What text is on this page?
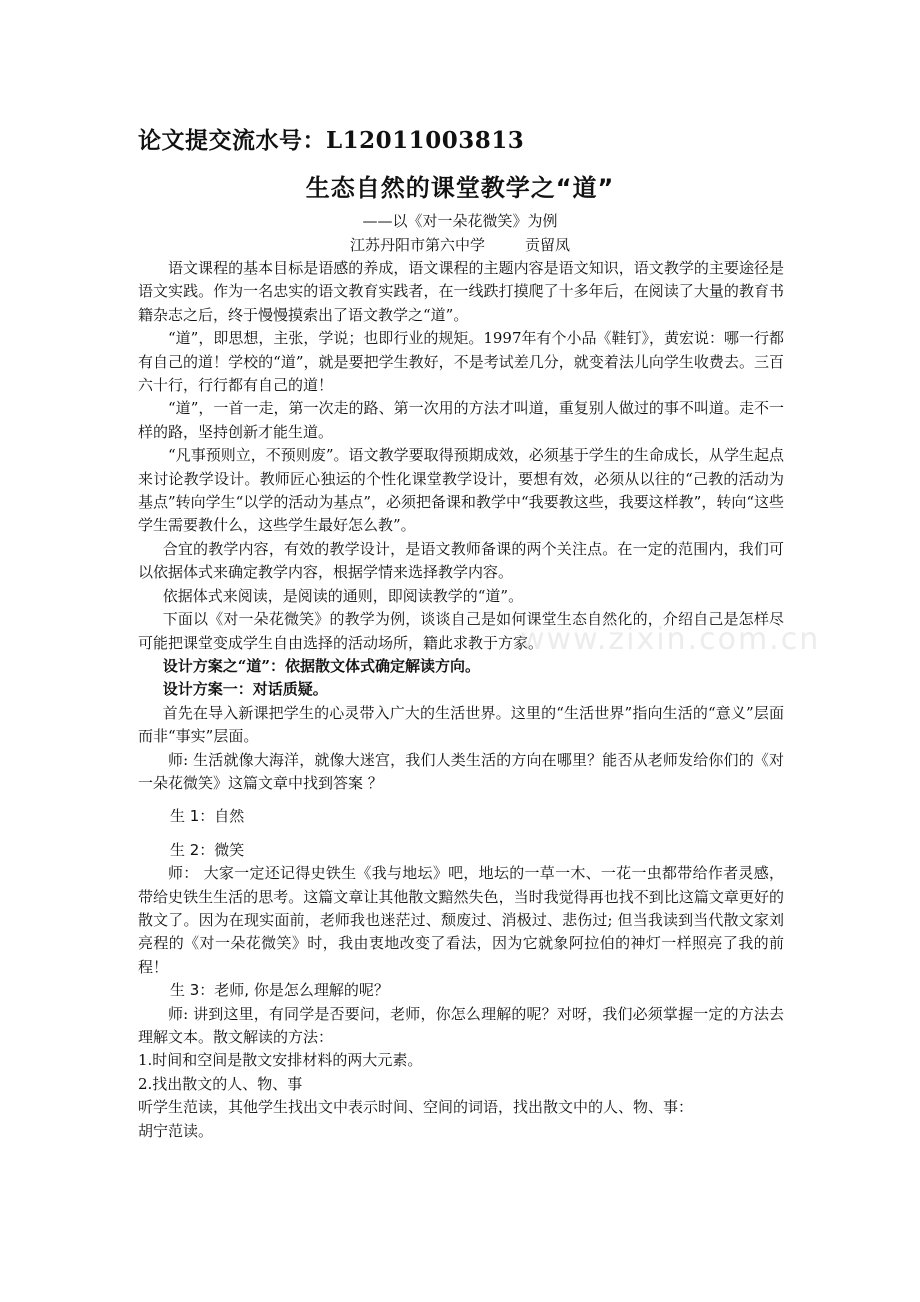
论文提交流水号：L12011003813
生态自然的课堂教学之“道”
——以《对一朵花微笑》为例
江苏丹阳市第六中学	贡留凤

语文课程的基本目标是语感的养成，语文课程的主题内容是语文知识，语文教学的主要途径是语文实践。作为一名忠实的语文教育实践者，在一线跌打摸爬了十多年后，在阅读了大量的教育书籍杂志之后，终于慢慢摸索出了语文教学之“道”。

“道”，即思想，主张，学说；也即行业的规矩。1997年有个小品《鞋钉》，黄宏说：哪一行都有自己的道！学校的“道”，就是要把学生教好，不是考试差几分，就变着法儿向学生收费去。三百六十行，行行都有自己的道！

“道”，一首一走，第一次走的路、第一次用的方法才叫道，重复别人做过的事不叫道。走不一样的路，坚持创新才能生道。

“凡事预则立，不预则废”。语文教学要取得预期成效，必须基于学生的生命成长，从学生起点来讨论教学设计。教师匠心独运的个性化课堂教学设计，要想有效，必须从以往的“己教的活动为基点”转向学生“以学的活动为基点”，必须把备课和教学中“我要教这些，我要这样教”，转向“这些学生需要教什么，这些学生最好怎么教”。

合宜的教学内容，有效的教学设计，是语文教师备课的两个关注点。在一定的范围内，我们可以依据体式来确定教学内容，根据学情来选择教学内容。

依据体式来阅读，是阅读的通则，即阅读教学的“道”。

下面以《对一朵花微笑》的教学为例，谈谈自己是如何课堂生态自然化的，介绍自己是怎样尽可能把课堂变成学生自由选择的活动场所，籍此求教于方家。

设计方案之“道”：依据散文体式确定解读方向。

设计方案一：对话质疑。

首先在导入新课把学生的心灵带入广大的生活世界。这里的“生活世界”指向生活的“意义”层面而非“事实”层面。

师: 生活就像大海洋，就像大迷宫，我们人类生活的方向在哪里？能否从老师发给你们的《对一朵花微笑》这篇文章中找到答案 ？

生 1：自然

生 2：微笑

师： 大家一定还记得史铁生《我与地坛》吧，地坛的一草一木、一花一虫都带给作者灵感，带给史铁生生活的思考。这篇文章让其他散文黯然失色，当时我觉得再也找不到比这篇文章更好的散文了。因为在现实面前，老师我也迷茫过、颓废过、消极过、悲伤过; 但当我读到当代散文家刘亮程的《对一朵花微笑》时，我由衷地改变了看法，因为它就象阿拉伯的神灯一样照亮了我的前程！

生 3：老师, 你是怎么理解的呢？

师: 讲到这里，有同学是否要问，老师，你怎么理解的呢？对呀，我们必须掌握一定的方法去理解文本。散文解读的方法：

1.时间和空间是散文安排材料的两大元素。

2.找出散文的人、物、事

听学生范读，其他学生找出文中表示时间、空间的词语，找出散文中的人、物、事：

胡宁范读。

www.zixin.com.cn
